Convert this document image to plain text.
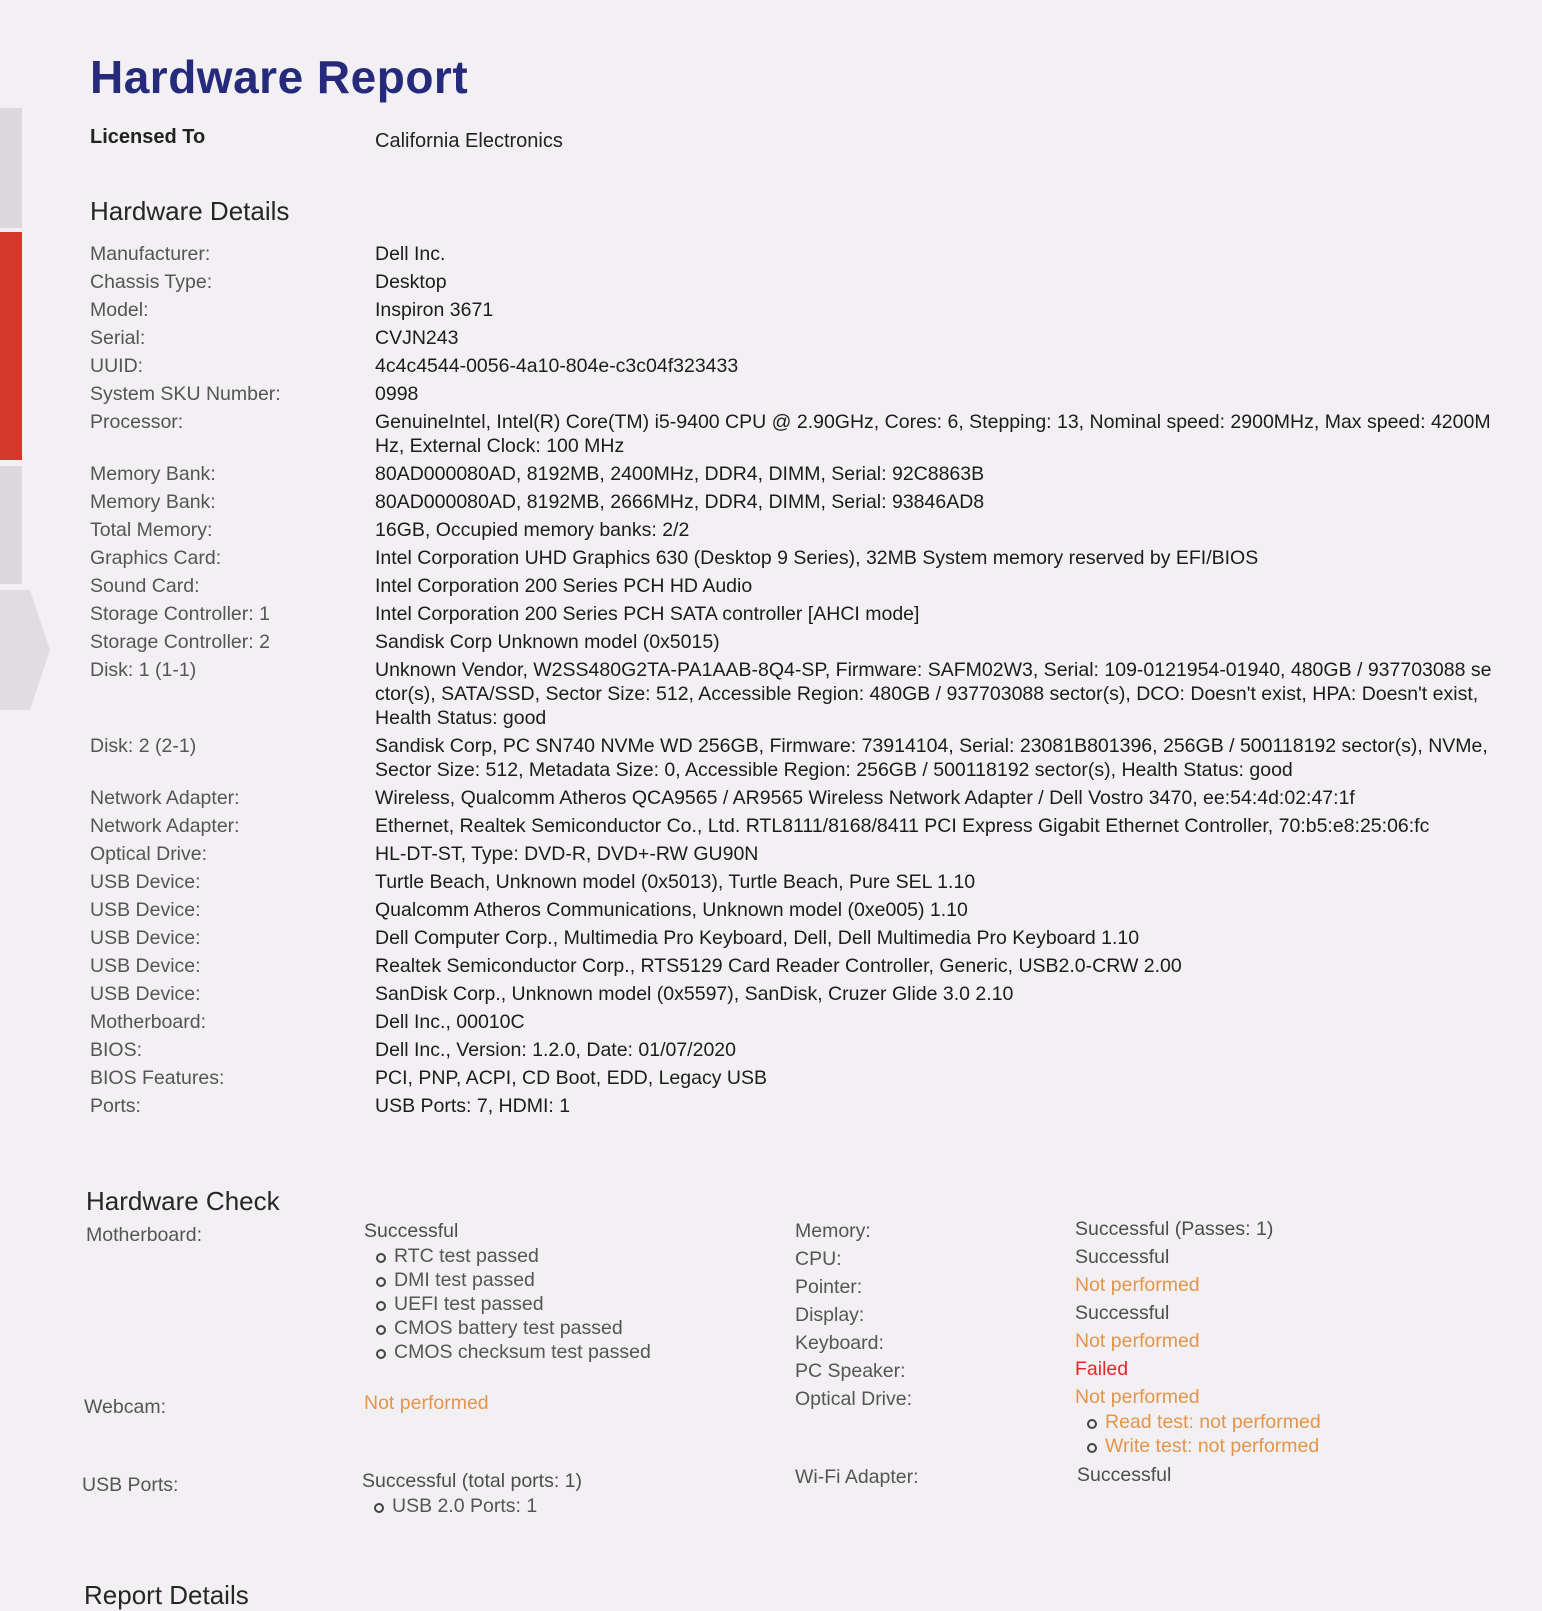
Hardware Report
Licensed To	California Electronics
Hardware Details
Manufacturer:	Dell Inc.
Chassis Type:	Desktop
Model:	Inspiron 3671
Serial:	CVJN243
UUID:	4c4c4544-0056-4a10-804e-c3c04f323433
System SKU Number:	0998
Processor:	GenuineIntel, Intel(R) Core(TM) i5-9400 CPU @ 2.90GHz, Cores: 6, Stepping: 13, Nominal speed: 2900MHz, Max speed: 4200MHz, External Clock: 100 MHz
Memory Bank:	80AD000080AD, 8192MB, 2400MHz, DDR4, DIMM, Serial: 92C8863B
Memory Bank:	80AD000080AD, 8192MB, 2666MHz, DDR4, DIMM, Serial: 93846AD8
Total Memory:	16GB, Occupied memory banks: 2/2
Graphics Card:	Intel Corporation UHD Graphics 630 (Desktop 9 Series), 32MB System memory reserved by EFI/BIOS
Sound Card:	Intel Corporation 200 Series PCH HD Audio
Storage Controller: 1	Intel Corporation 200 Series PCH SATA controller [AHCI mode]
Storage Controller: 2	Sandisk Corp Unknown model (0x5015)
Disk: 1 (1-1)	Unknown Vendor, W2SS480G2TA-PA1AAB-8Q4-SP, Firmware: SAFM02W3, Serial: 109-0121954-01940, 480GB / 937703088 sector(s), SATA/SSD, Sector Size: 512, Accessible Region: 480GB / 937703088 sector(s), DCO: Doesn't exist, HPA: Doesn't exist, Health Status: good
Disk: 2 (2-1)	Sandisk Corp, PC SN740 NVMe WD 256GB, Firmware: 73914104, Serial: 23081B801396, 256GB / 500118192 sector(s), NVMe, Sector Size: 512, Metadata Size: 0, Accessible Region: 256GB / 500118192 sector(s), Health Status: good
Network Adapter:	Wireless, Qualcomm Atheros QCA9565 / AR9565 Wireless Network Adapter / Dell Vostro 3470, ee:54:4d:02:47:1f
Network Adapter:	Ethernet, Realtek Semiconductor Co., Ltd. RTL8111/8168/8411 PCI Express Gigabit Ethernet Controller, 70:b5:e8:25:06:fc
Optical Drive:	HL-DT-ST, Type: DVD-R, DVD+-RW GU90N
USB Device:	Turtle Beach, Unknown model (0x5013), Turtle Beach, Pure SEL 1.10
USB Device:	Qualcomm Atheros Communications, Unknown model (0xe005) 1.10
USB Device:	Dell Computer Corp., Multimedia Pro Keyboard, Dell, Dell Multimedia Pro Keyboard 1.10
USB Device:	Realtek Semiconductor Corp., RTS5129 Card Reader Controller, Generic, USB2.0-CRW 2.00
USB Device:	SanDisk Corp., Unknown model (0x5597), SanDisk, Cruzer Glide 3.0 2.10
Motherboard:	Dell Inc., 00010C
BIOS:	Dell Inc., Version: 1.2.0, Date: 01/07/2020
BIOS Features:	PCI, PNP, ACPI, CD Boot, EDD, Legacy USB
Ports:	USB Ports: 7, HDMI: 1
Hardware Check
Motherboard:	Successful
RTC test passed
DMI test passed
UEFI test passed
CMOS battery test passed
CMOS checksum test passed
Webcam:	Not performed
USB Ports:	Successful (total ports: 1)
USB 2.0 Ports: 1
Memory:	Successful (Passes: 1)
CPU:	Successful
Pointer:	Not performed
Display:	Successful
Keyboard:	Not performed
PC Speaker:	Failed
Optical Drive:	Not performed
Read test: not performed
Write test: not performed
Wi-Fi Adapter:	Successful
Report Details
